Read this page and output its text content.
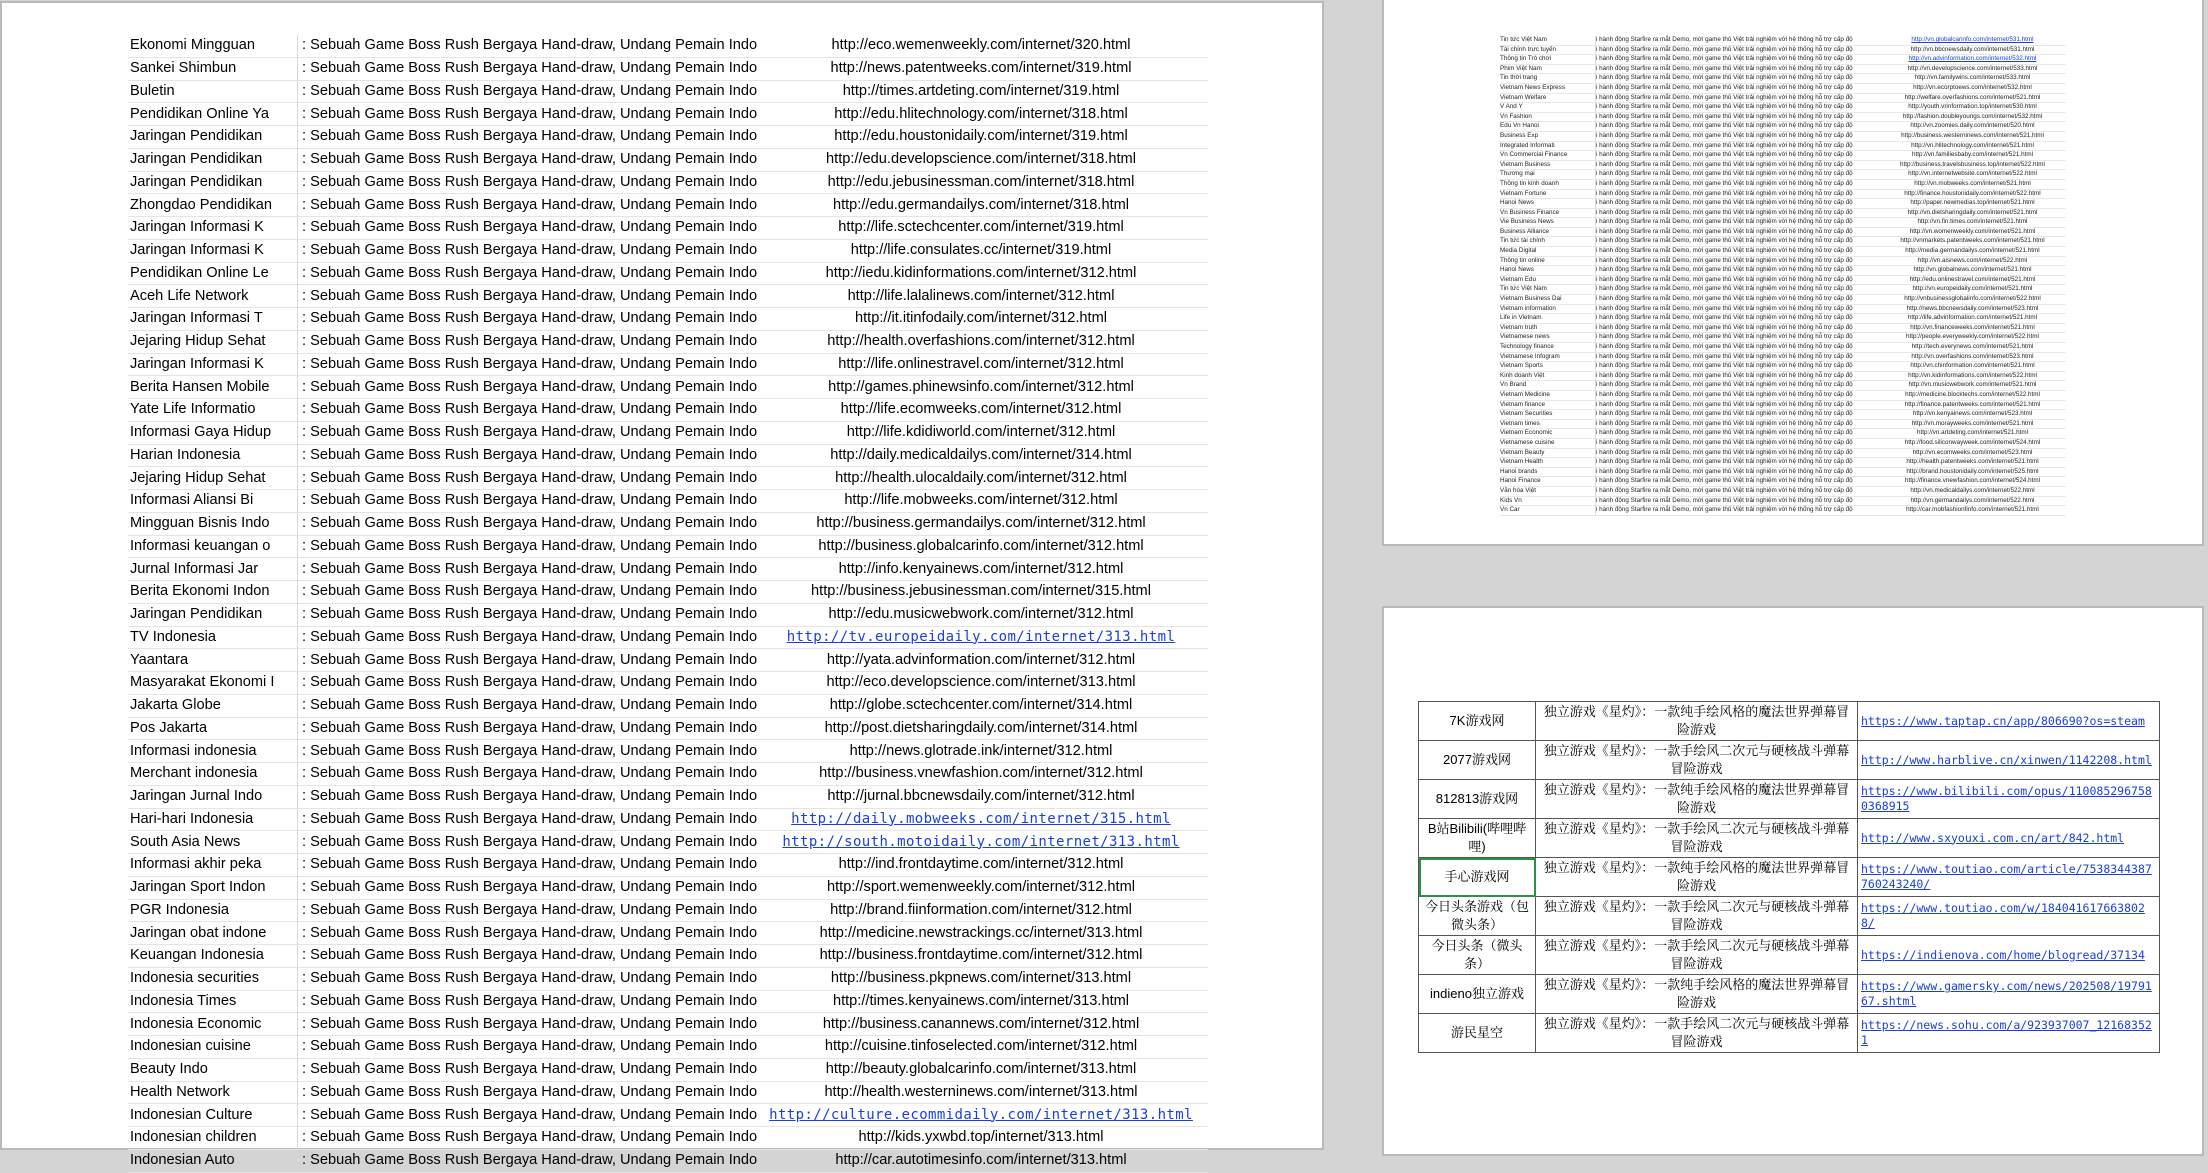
Ekonomi Mingguan	: Sebuah Game Boss Rush Bergaya Hand-draw, Undang Pemain Indo	http://eco.wemenweekly.com/internet/320.html
Sankei Shimbun	: Sebuah Game Boss Rush Bergaya Hand-draw, Undang Pemain Indo	http://news.patentweeks.com/internet/319.html
Buletin	: Sebuah Game Boss Rush Bergaya Hand-draw, Undang Pemain Indo	http://times.artdeting.com/internet/319.html
Pendidikan Online Ya	: Sebuah Game Boss Rush Bergaya Hand-draw, Undang Pemain Indo	http://edu.hlitechnology.com/internet/318.html
Jaringan Pendidikan	: Sebuah Game Boss Rush Bergaya Hand-draw, Undang Pemain Indo	http://edu.houstonidaily.com/internet/319.html
Jaringan Pendidikan	: Sebuah Game Boss Rush Bergaya Hand-draw, Undang Pemain Indo	http://edu.developscience.com/internet/318.html
Jaringan Pendidikan	: Sebuah Game Boss Rush Bergaya Hand-draw, Undang Pemain Indo	http://edu.jebusinessman.com/internet/318.html
Zhongdao Pendidikan	: Sebuah Game Boss Rush Bergaya Hand-draw, Undang Pemain Indo	http://edu.germandailys.com/internet/318.html
Jaringan Informasi K	: Sebuah Game Boss Rush Bergaya Hand-draw, Undang Pemain Indo	http://life.sctechcenter.com/internet/319.html
Jaringan Informasi K	: Sebuah Game Boss Rush Bergaya Hand-draw, Undang Pemain Indo	http://life.consulates.cc/internet/319.html
Pendidikan Online Le	: Sebuah Game Boss Rush Bergaya Hand-draw, Undang Pemain Indo	http://iedu.kidinformations.com/internet/312.html
Aceh Life Network	: Sebuah Game Boss Rush Bergaya Hand-draw, Undang Pemain Indo	http://life.lalalinews.com/internet/312.html
Jaringan Informasi T	: Sebuah Game Boss Rush Bergaya Hand-draw, Undang Pemain Indo	http://it.itinfodaily.com/internet/312.html
Jejaring Hidup Sehat	: Sebuah Game Boss Rush Bergaya Hand-draw, Undang Pemain Indo	http://health.overfashions.com/internet/312.html
Jaringan Informasi K	: Sebuah Game Boss Rush Bergaya Hand-draw, Undang Pemain Indo	http://life.onlinestravel.com/internet/312.html
Berita Hansen Mobile	: Sebuah Game Boss Rush Bergaya Hand-draw, Undang Pemain Indo	http://games.phinewsinfo.com/internet/312.html
Yate Life Informatio	: Sebuah Game Boss Rush Bergaya Hand-draw, Undang Pemain Indo	http://life.ecomweeks.com/internet/312.html
Informasi Gaya Hidup	: Sebuah Game Boss Rush Bergaya Hand-draw, Undang Pemain Indo	http://life.kdidiworld.com/internet/312.html
Harian Indonesia	: Sebuah Game Boss Rush Bergaya Hand-draw, Undang Pemain Indo	http://daily.medicaldailys.com/internet/314.html
Jejaring Hidup Sehat	: Sebuah Game Boss Rush Bergaya Hand-draw, Undang Pemain Indo	http://health.ulocaldaily.com/internet/312.html
Informasi Aliansi Bi	: Sebuah Game Boss Rush Bergaya Hand-draw, Undang Pemain Indo	http://life.mobweeks.com/internet/312.html
Mingguan Bisnis Indo	: Sebuah Game Boss Rush Bergaya Hand-draw, Undang Pemain Indo	http://business.germandailys.com/internet/312.html
Informasi keuangan o	: Sebuah Game Boss Rush Bergaya Hand-draw, Undang Pemain Indo	http://business.globalcarinfo.com/internet/312.html
Jurnal Informasi Jar	: Sebuah Game Boss Rush Bergaya Hand-draw, Undang Pemain Indo	http://info.kenyainews.com/internet/312.html
Berita Ekonomi Indon	: Sebuah Game Boss Rush Bergaya Hand-draw, Undang Pemain Indo	http://business.jebusinessman.com/internet/315.html
Jaringan Pendidikan	: Sebuah Game Boss Rush Bergaya Hand-draw, Undang Pemain Indo	http://edu.musicwebwork.com/internet/312.html
TV Indonesia	: Sebuah Game Boss Rush Bergaya Hand-draw, Undang Pemain Indo	http://tv.europeidaily.com/internet/313.html
Yaantara	: Sebuah Game Boss Rush Bergaya Hand-draw, Undang Pemain Indo	http://yata.advinformation.com/internet/312.html
Masyarakat Ekonomi I	: Sebuah Game Boss Rush Bergaya Hand-draw, Undang Pemain Indo	http://eco.developscience.com/internet/313.html
Jakarta Globe	: Sebuah Game Boss Rush Bergaya Hand-draw, Undang Pemain Indo	http://globe.sctechcenter.com/internet/314.html
Pos Jakarta	: Sebuah Game Boss Rush Bergaya Hand-draw, Undang Pemain Indo	http://post.dietsharingdaily.com/internet/314.html
Informasi indonesia	: Sebuah Game Boss Rush Bergaya Hand-draw, Undang Pemain Indo	http://news.glotrade.ink/internet/312.html
Merchant indonesia	: Sebuah Game Boss Rush Bergaya Hand-draw, Undang Pemain Indo	http://business.vnewfashion.com/internet/312.html
Jaringan Jurnal Indo	: Sebuah Game Boss Rush Bergaya Hand-draw, Undang Pemain Indo	http://jurnal.bbcnewsdaily.com/internet/312.html
Hari-hari Indonesia	: Sebuah Game Boss Rush Bergaya Hand-draw, Undang Pemain Indo	http://daily.mobweeks.com/internet/315.html
South Asia News	: Sebuah Game Boss Rush Bergaya Hand-draw, Undang Pemain Indo	http://south.motoidaily.com/internet/313.html
Informasi akhir peka	: Sebuah Game Boss Rush Bergaya Hand-draw, Undang Pemain Indo	http://ind.frontdaytime.com/internet/312.html
Jaringan Sport Indon	: Sebuah Game Boss Rush Bergaya Hand-draw, Undang Pemain Indo	http://sport.wemenweekly.com/internet/312.html
PGR Indonesia	: Sebuah Game Boss Rush Bergaya Hand-draw, Undang Pemain Indo	http://brand.fiinformation.com/internet/312.html
Jaringan obat indone	: Sebuah Game Boss Rush Bergaya Hand-draw, Undang Pemain Indo	http://medicine.newstrackings.cc/internet/313.html
Keuangan Indonesia	: Sebuah Game Boss Rush Bergaya Hand-draw, Undang Pemain Indo	http://business.frontdaytime.com/internet/312.html
Indonesia securities	: Sebuah Game Boss Rush Bergaya Hand-draw, Undang Pemain Indo	http://business.pkpnews.com/internet/313.html
Indonesia Times	: Sebuah Game Boss Rush Bergaya Hand-draw, Undang Pemain Indo	http://times.kenyainews.com/internet/313.html
Indonesia Economic	: Sebuah Game Boss Rush Bergaya Hand-draw, Undang Pemain Indo	http://business.canannews.com/internet/312.html
Indonesian cuisine	: Sebuah Game Boss Rush Bergaya Hand-draw, Undang Pemain Indo	http://cuisine.tinfoselected.com/internet/312.html
Beauty Indo	: Sebuah Game Boss Rush Bergaya Hand-draw, Undang Pemain Indo	http://beauty.globalcarinfo.com/internet/313.html
Health Network	: Sebuah Game Boss Rush Bergaya Hand-draw, Undang Pemain Indo	http://health.westerninews.com/internet/313.html
Indonesian Culture	: Sebuah Game Boss Rush Bergaya Hand-draw, Undang Pemain Indo	http://culture.ecommidaily.com/internet/313.html
Indonesian children	: Sebuah Game Boss Rush Bergaya Hand-draw, Undang Pemain Indo	http://kids.yxwbd.top/internet/313.html
Indonesian Auto	: Sebuah Game Boss Rush Bergaya Hand-draw, Undang Pemain Indo	http://car.autotimesinfo.com/internet/313.html
Tin tức Việt Nam	i hành động Starfire ra mắt Demo, mời game thủ Việt trải nghiệm với hệ thống hỗ trợ cấp độ	http://vn.globalcarinfo.com/internet/531.html
Tài chính trực tuyến	i hành động Starfire ra mắt Demo, mời game thủ Việt trải nghiệm với hệ thống hỗ trợ cấp độ	http://vn.bbcnewsdaily.com/internet/531.html
Thông tin Trò chơi	i hành động Starfire ra mắt Demo, mời game thủ Việt trải nghiệm với hệ thống hỗ trợ cấp độ	http://vn.advinformation.com/internet/532.html
Phim Việt Nam	i hành động Starfire ra mắt Demo, mời game thủ Việt trải nghiệm với hệ thống hỗ trợ cấp độ	http://vn.developscience.com/internet/533.html
Tin thời trang	i hành động Starfire ra mắt Demo, mời game thủ Việt trải nghiệm với hệ thống hỗ trợ cấp độ	http://vn.familywins.com/internet/533.html
Vietnam News Express	i hành động Starfire ra mắt Demo, mời game thủ Việt trải nghiệm với hệ thống hỗ trợ cấp độ	http://vn.ecorptoews.com/internet/532.html
Vietnam Welfare	i hành động Starfire ra mắt Demo, mời game thủ Việt trải nghiệm với hệ thống hỗ trợ cấp độ	http://welfare.overfashions.com/internet/521.html
V And Y	i hành động Starfire ra mắt Demo, mời game thủ Việt trải nghiệm với hệ thống hỗ trợ cấp độ	http://youth.vrinformation.top/internet/530.html
Vn Fashion	i hành động Starfire ra mắt Demo, mời game thủ Việt trải nghiệm với hệ thống hỗ trợ cấp độ	http://fashion.doubleyoungs.com/internet/532.html
Edu Vn Hanoi	i hành động Starfire ra mắt Demo, mời game thủ Việt trải nghiệm với hệ thống hỗ trợ cấp độ	http://vn.zoomies.daily.com/internet/520.html
Business Exp	i hành động Starfire ra mắt Demo, mời game thủ Việt trải nghiệm với hệ thống hỗ trợ cấp độ	http://business.westerninews.com/internet/521.html
Integrated Informati	i hành động Starfire ra mắt Demo, mời game thủ Việt trải nghiệm với hệ thống hỗ trợ cấp độ	http://vn.hlitechnology.com/internet/521.html
Vn Commercial Finance	i hành động Starfire ra mắt Demo, mời game thủ Việt trải nghiệm với hệ thống hỗ trợ cấp độ	http://vn.familiesbaby.com/internet/521.html
Vietnam Business	i hành động Starfire ra mắt Demo, mời game thủ Việt trải nghiệm với hệ thống hỗ trợ cấp độ	http://business.travelsbusiness.top/internet/522.html
Thương mại	i hành động Starfire ra mắt Demo, mời game thủ Việt trải nghiệm với hệ thống hỗ trợ cấp độ	http://vn.internetwebsite.com/internet/522.html
Thông tin kinh doanh	i hành động Starfire ra mắt Demo, mời game thủ Việt trải nghiệm với hệ thống hỗ trợ cấp độ	http://vn.mobweeks.com/internet/521.html
Vietnam Fortune	i hành động Starfire ra mắt Demo, mời game thủ Việt trải nghiệm với hệ thống hỗ trợ cấp độ	http://finance.houstonidaily.com/internet/522.html
Hanoi News	i hành động Starfire ra mắt Demo, mời game thủ Việt trải nghiệm với hệ thống hỗ trợ cấp độ	http://paper.newmedias.top/internet/521.html
Vn Business Finance	i hành động Starfire ra mắt Demo, mời game thủ Việt trải nghiệm với hệ thống hỗ trợ cấp độ	http://vn.dietsharingdaily.com/internet/521.html
Vie Business News	i hành động Starfire ra mắt Demo, mời game thủ Việt trải nghiệm với hệ thống hỗ trợ cấp độ	http://vn.fin.times.com/internet/521.html
Business Alliance	i hành động Starfire ra mắt Demo, mời game thủ Việt trải nghiệm với hệ thống hỗ trợ cấp độ	http://vn.womenweekly.com/internet/521.html
Tin tức tài chính	i hành động Starfire ra mắt Demo, mời game thủ Việt trải nghiệm với hệ thống hỗ trợ cấp độ	http://vnmarkets.patentweeks.com/internet/521.html
Media Digital	i hành động Starfire ra mắt Demo, mời game thủ Việt trải nghiệm với hệ thống hỗ trợ cấp độ	http://media.germandailys.com/internet/521.html
Thông tin online	i hành động Starfire ra mắt Demo, mời game thủ Việt trải nghiệm với hệ thống hỗ trợ cấp độ	http://vn.aisnews.com/internet/522.html
Hanoi News	i hành động Starfire ra mắt Demo, mời game thủ Việt trải nghiệm với hệ thống hỗ trợ cấp độ	http://vn.globalnews.com/internet/521.html
Vietnam Edu	i hành động Starfire ra mắt Demo, mời game thủ Việt trải nghiệm với hệ thống hỗ trợ cấp độ	http://edu.onlinestravel.com/internet/521.html
Tin tức Việt Nam	i hành động Starfire ra mắt Demo, mời game thủ Việt trải nghiệm với hệ thống hỗ trợ cấp độ	http://vn.europeidaily.com/internet/521.html
Vietnam Business Dai	i hành động Starfire ra mắt Demo, mời game thủ Việt trải nghiệm với hệ thống hỗ trợ cấp độ	http://vnbusinessglobalinfo.com/internet/522.html
Vietnam information	i hành động Starfire ra mắt Demo, mời game thủ Việt trải nghiệm với hệ thống hỗ trợ cấp độ	http://news.bbcnewsdaily.com/internet/523.html
Life in Vietnam	i hành động Starfire ra mắt Demo, mời game thủ Việt trải nghiệm với hệ thống hỗ trợ cấp độ	http://life.advinformation.com/internet/521.html
Vietnam truth	i hành động Starfire ra mắt Demo, mời game thủ Việt trải nghiệm với hệ thống hỗ trợ cấp độ	http://vn.financeweeks.com/internet/521.html
Vietnamese news	i hành động Starfire ra mắt Demo, mời game thủ Việt trải nghiệm với hệ thống hỗ trợ cấp độ	http://people.everyweekly.com/internet/522.html
Technology finance	i hành động Starfire ra mắt Demo, mời game thủ Việt trải nghiệm với hệ thống hỗ trợ cấp độ	http://tech.everynews.com/internet/521.html
Vietnamese Infogram	i hành động Starfire ra mắt Demo, mời game thủ Việt trải nghiệm với hệ thống hỗ trợ cấp độ	http://vn.overfashions.com/internet/523.html
Vietnam Sports	i hành động Starfire ra mắt Demo, mời game thủ Việt trải nghiệm với hệ thống hỗ trợ cấp độ	http://vn.chinformation.com/internet/521.html
Kinh doanh Việt	i hành động Starfire ra mắt Demo, mời game thủ Việt trải nghiệm với hệ thống hỗ trợ cấp độ	http://vn.kidinformations.com/internet/522.html
Vn Brand	i hành động Starfire ra mắt Demo, mời game thủ Việt trải nghiệm với hệ thống hỗ trợ cấp độ	http://vn.musicwebwork.com/internet/521.html
Vietnam Medicine	i hành động Starfire ra mắt Demo, mời game thủ Việt trải nghiệm với hệ thống hỗ trợ cấp độ	http://medicine.blocktechs.com/internet/522.html
Vietnam finance	i hành động Starfire ra mắt Demo, mời game thủ Việt trải nghiệm với hệ thống hỗ trợ cấp độ	http://finance.patentweeks.com/internet/521.html
Vietnam Securities	i hành động Starfire ra mắt Demo, mời game thủ Việt trải nghiệm với hệ thống hỗ trợ cấp độ	http://vn.kenyainews.com/internet/523.html
Vietnam times	i hành động Starfire ra mắt Demo, mời game thủ Việt trải nghiệm với hệ thống hỗ trợ cấp độ	http://vn.morayweeks.com/internet/521.html
Vietnam Economic	i hành động Starfire ra mắt Demo, mời game thủ Việt trải nghiệm với hệ thống hỗ trợ cấp độ	http://vn.artdeting.com/internet/521.html
Vietnamese cuisine	i hành động Starfire ra mắt Demo, mời game thủ Việt trải nghiệm với hệ thống hỗ trợ cấp độ	http://food.siliconwayweek.com/internet/524.html
Vietnam Beauty	i hành động Starfire ra mắt Demo, mời game thủ Việt trải nghiệm với hệ thống hỗ trợ cấp độ	http://vn.ecomweeks.com/internet/523.html
Vietnam Health	i hành động Starfire ra mắt Demo, mời game thủ Việt trải nghiệm với hệ thống hỗ trợ cấp độ	http://health.patentweeks.com/internet/521.html
Hanoi brands	i hành động Starfire ra mắt Demo, mời game thủ Việt trải nghiệm với hệ thống hỗ trợ cấp độ	http://brand.houstonidaily.com/internet/525.html
Hanoi Finance	i hành động Starfire ra mắt Demo, mời game thủ Việt trải nghiệm với hệ thống hỗ trợ cấp độ	http://finance.vnewfashion.com/internet/524.html
Văn hóa Việt	i hành động Starfire ra mắt Demo, mời game thủ Việt trải nghiệm với hệ thống hỗ trợ cấp độ	http://vn.medicaldailys.com/internet/522.html
Kids Vn	i hành động Starfire ra mắt Demo, mời game thủ Việt trải nghiệm với hệ thống hỗ trợ cấp độ	http://vn.germandailys.com/internet/522.html
Vn Car	i hành động Starfire ra mắt Demo, mời game thủ Việt trải nghiệm với hệ thống hỗ trợ cấp độ	http://car.mobfashionfinfo.com/internet/521.html
7K游戏网	独立游戏《星灼》：一款纯手绘风格的魔法世界弹幕冒险游戏	https://www.taptap.cn/app/806690?os=steam
2077游戏网	独立游戏《星灼》：一款手绘风二次元与硬核战斗弹幕冒险游戏	http://www.harblive.cn/xinwen/1142208.html
812813游戏网	独立游戏《星灼》：一款纯手绘风格的魔法世界弹幕冒险游戏	https://www.bilibili.com/opus/1100852967580368915
B站Bilibili(哔哩哔哩)	独立游戏《星灼》：一款手绘风二次元与硬核战斗弹幕冒险游戏	http://www.sxyouxi.com.cn/art/842.html
手心游戏网	独立游戏《星灼》：一款纯手绘风格的魔法世界弹幕冒险游戏	https://www.toutiao.com/article/7538344387760243240/
今日头条游戏（包微头条）	独立游戏《星灼》：一款手绘风二次元与硬核战斗弹幕冒险游戏	https://www.toutiao.com/w/1840416176638028/
今日头条（微头条）	独立游戏《星灼》：一款手绘风二次元与硬核战斗弹幕冒险游戏	https://indienova.com/home/blogread/37134
indieno独立游戏	独立游戏《星灼》：一款纯手绘风格的魔法世界弹幕冒险游戏	https://www.gamersky.com/news/202508/1979167.shtml
游民星空	独立游戏《星灼》：一款手绘风二次元与硬核战斗弹幕冒险游戏	https://news.sohu.com/a/923937007_121683521
